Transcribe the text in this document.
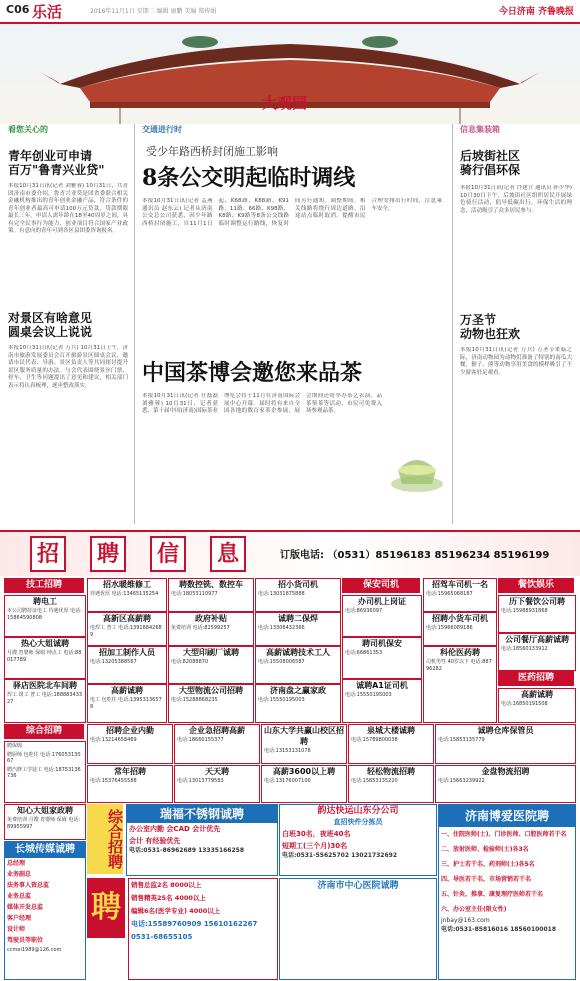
C06 乐活	2016年11月1日 星期二 编辑 康鹏 美编 郑传娟	今日济南 齐鲁晚报
大观园
看您关心的
青年创业可申请
百万"鲁青兴业贷"
本报10月31日讯(记者 刘雅蓉) 10月31日，共青团济南市委介绍，鲁青兴业贷是团省委联合相关金融机构推出的青年创业金融产品，符合条件的青年创业者最高可申请100万元贷款，贷款期限最长三年。申请人需年龄在18至40周岁之间，具有完全民事行为能力，创业项目符合国家产业政策。有意向的青年可到各区县团委咨询报名。
对景区有啥意见
圆桌会议上说说
本报10月31日讯(记者 万兵) 10月31日上午，济南市旅游发展委员会召开旅游景区圆桌会议，邀请市民代表、导游、景区负责人等共同探讨提升景区服务质量的办法。与会代表围绕景区门票、停车、卫生等问题提出了意见和建议，相关部门表示将认真梳理，逐步整改落实。
交通进行时
受少年路西桥封闭施工影响
8条公交明起临时调线
本报10月31日讯(记者 孟燕 通讯员 赵东云) 记者从济南公交总公司获悉，因少年路西桥封闭施工，自11月1日起，K68路、K88路、K91路、11路、66路、K98路、K8路、K9路等8条公交线路临时调整运行路线，恢复时间另行通知。调整期间，相关线路将绕行周边道路，沿途站点临时取消。提醒市民合理安排出行时间，注意乘车安全。
中国茶博会邀您来品茶
本报10月31日讯(记者 任磊磊 刘雅蓉) 10月31日，记者获悉，第十届中国(济南)国际茶业博览会将于11月在济南国际会展中心开幕。届时将有来自全国各地的数百家茶企参展，展会期间还将举办茶艺表演、品茶鉴茶等活动，市民可免费入场参观品茶。
信息集装箱
后坡街社区
骑行倡环保
本报10月31日讯(记者 许建立 通讯员 孙少华) 10月30日下午，后坡街社区组织居民开展绿色骑行活动，倡导低碳出行、环保生活的理念，活动吸引了众多居民参与。
万圣节
动物也狂欢
本报10月31日讯(记者 万兵) 万圣节来临之际，济南动物园为动物们准备了特别的南瓜大餐，猴子、熊等动物享用美食的模样吸引了不少游客驻足观看。
招	聘	信	息	订版电话: （0531）85196183 85196234 85196199
技工招聘
聘电工
本公司聘持证电工 待遇优厚 电话:15864590808
热心大姐诚聘
月嫂 育婴师 保姆 钟点工 电话:88017789
驿店医院北车间聘
焊工 钳工 普工 电话:18888343327
招水暖维修工
待遇优厚 电话:13465135254
高新区高薪聘
电焊工 普工 电话:13918842689
招加工制作人员
电话:13205388567
高薪诚聘
电工 包吃住 电话:13953136578
聘数控铣、数控车
电话:18053110977
政府补贴
免费培训 电话:82599257
大型印刷厂诚聘
电话:82088870
大型物流公司招聘
电话:15288868235
招小货司机
电话:13031875888
诚聘二保焊
电话:13306432366
高薪诚聘技术工人
电话:15508006587
济南盘之赢家政
电话:15550195003
保安司机
办司机上岗证
电话:86936097
聘司机保安
电话:66861353
诚聘A1证司机
电话:15550195003
招驾车司机一名
电话:15965068187
招聘小货车司机
电话:15966089186
科伦医药聘
司机男性 40岁以下 电话:88796282
餐饮娱乐
历下餐饮公司聘
电话:15988931868
公司餐厅高薪诚聘
电话:18560133912
医药招聘
高薪诚聘
电话:16850191508
综合招聘
聘保姆
聘厨师 包吃住 电话:17605313067
聘汽修工学徒工 电话:18753136736
知心大姐家政聘
免费培训 月嫂 育婴师 保姆 电话:89955997
招聘企业内勤
电话:13214658469
企业急招聘高薪
电话:18660155377
山东大学共赢山校区招聘
电话:13153131078
泉城大楼诚聘
电话:15789800038
诚聘仓库保管员
电话:15853135779
常年招聘
电话:15376455588
天天聘
电话:13013779583
高薪3600以上聘
电话:13176007100
轻松物流招聘
电话:15853135220
金盘物流招聘
电话:15663239922
综合招聘	瑞福不锈钢诚聘
办公室内勤 会CAD 会计优先
会计 有经验优先
电话:0531-86962689 13335166258
韵达快运山东分公司
直招快件分拣员
白班30名，夜班40名
短期工(三个月)30名
电话:0531-55625702 13021732692
济南博爱医院聘
一、住院医师(士)、门诊医师、口腔医师若干名
二、放射医师、检验师(士)各3名
三、护士若干名、药剂师(士)各5名
四、导医若干名、市场营销若干名
五、针灸、推拿、康复理疗医师若干名
六、办公室主任(限女性)
jnbay@163.com
电话:0531-85816016 18560100018
长城传媒诚聘
总经理
业务副总
法务事人资总监
业务总监
媒体开发总监
客户经理
设计师
驾驶员等职位
ccmei1989@126.com
聘
销售总监2名 8000以上
销售精英25名 4000以上
编辑6名(医学专业) 4000以上
电话:15589760909 15610162267
0531-68655105
济南市中心医院诚聘
